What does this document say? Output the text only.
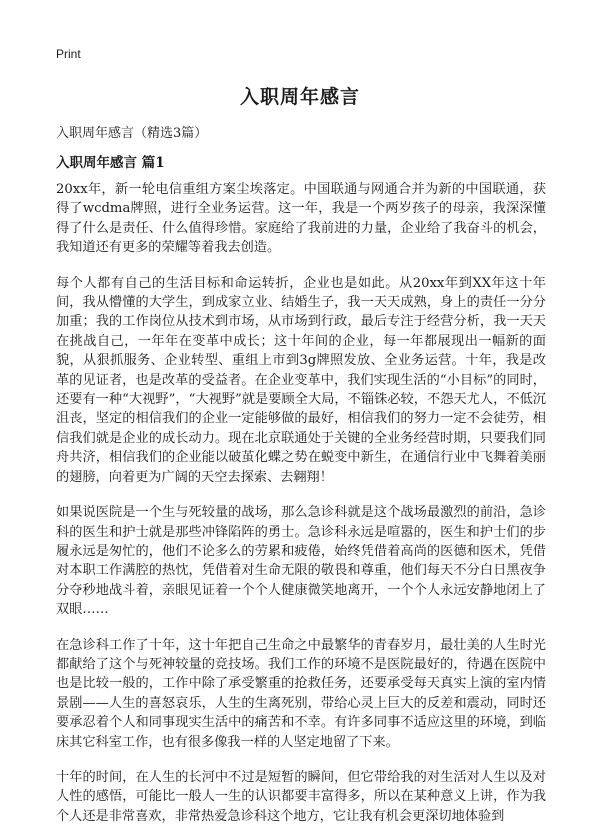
Print
入职周年感言

入职周年感言（精选3篇）

入职周年感言 篇1

20xx年，新一轮电信重组方案尘埃落定。中国联通与网通合并为新的中国联通，获得了wcdma牌照，进行全业务运营。这一年，我是一个两岁孩子的母亲，我深深懂得了什么是责任、什么值得珍惜。家庭给了我前进的力量，企业给了我奋斗的机会，我知道还有更多的荣耀等着我去创造。

每个人都有自己的生活目标和命运转折，企业也是如此。从20xx年到XX年这十年间，我从懵懂的大学生，到成家立业、结婚生子，我一天天成熟，身上的责任一分分加重；我的工作岗位从技术到市场，从市场到行政，最后专注于经营分析，我一天天在挑战自己，一年年在变革中成长；这十年间的企业，每一年都展现出一幅新的面貌，从狠抓服务、企业转型、重组上市到3g牌照发放、全业务运营。十年，我是改革的见证者，也是改革的受益者。在企业变革中，我们实现生活的“小目标”的同时，还要有一种“大视野”，“大视野”就是要顾全大局，不锱铢必较，不怨天尤人，不低沉沮丧，坚定的相信我们的企业一定能够做的最好，相信我们的努力一定不会徒劳，相信我们就是企业的成长动力。现在北京联通处于关键的全业务经营时期，只要我们同舟共济，相信我们的企业能以破茧化蝶之势在蜕变中新生，在通信行业中飞舞着美丽的翅膀，向着更为广阔的天空去探索、去翱翔！

如果说医院是一个生与死较量的战场，那么急诊科就是这个战场最激烈的前沿，急诊科的医生和护士就是那些冲锋陷阵的勇士。急诊科永远是喧嚣的，医生和护士们的步履永远是匆忙的，他们不论多么的劳累和疲倦，始终凭借着高尚的医德和医术，凭借对本职工作满腔的热忱，凭借着对生命无限的敬畏和尊重，他们每天不分白日黑夜争分夺秒地战斗着，亲眼见证着一个个人健康微笑地离开，一个个人永远安静地闭上了双眼……

在急诊科工作了十年，这十年把自己生命之中最繁华的青春岁月，最壮美的人生时光都献给了这个与死神较量的竞技场。我们工作的环境不是医院最好的，待遇在医院中也是比较一般的，工作中除了承受繁重的抢救任务，还要承受每天真实上演的室内情景剧——人生的喜怒哀乐，人生的生离死别，带给心灵上巨大的反差和震动，同时还要承忍着个人和同事现实生活中的痛苦和不幸。有许多同事不适应这里的环境，到临床其它科室工作，也有很多像我一样的人坚定地留了下来。

十年的时间，在人生的长河中不过是短暂的瞬间，但它带给我的对生活对人生以及对人性的感悟，可能比一般人一生的认识都要丰富得多，所以在某种意义上讲，作为我个人还是非常喜欢，非常热爱急诊科这个地方，它让我有机会更深切地体验到
